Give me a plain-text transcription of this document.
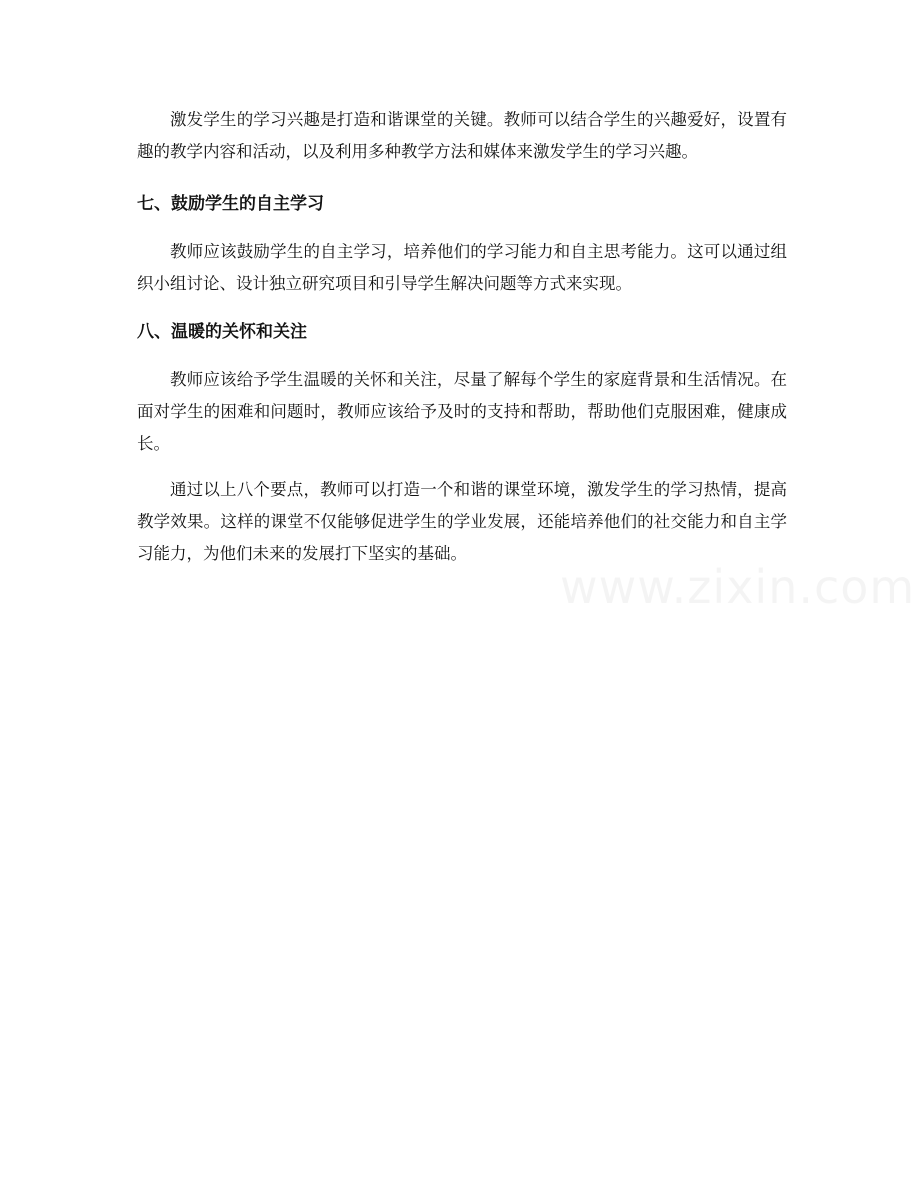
激发学生的学习兴趣是打造和谐课堂的关键。教师可以结合学生的兴趣爱好，设置有趣的教学内容和活动，以及利用多种教学方法和媒体来激发学生的学习兴趣。

七、鼓励学生的自主学习

教师应该鼓励学生的自主学习，培养他们的学习能力和自主思考能力。这可以通过组织小组讨论、设计独立研究项目和引导学生解决问题等方式来实现。

八、温暖的关怀和关注

教师应该给予学生温暖的关怀和关注，尽量了解每个学生的家庭背景和生活情况。在面对学生的困难和问题时，教师应该给予及时的支持和帮助，帮助他们克服困难，健康成长。

通过以上八个要点，教师可以打造一个和谐的课堂环境，激发学生的学习热情，提高教学效果。这样的课堂不仅能够促进学生的学业发展，还能培养他们的社交能力和自主学习能力，为他们未来的发展打下坚实的基础。
